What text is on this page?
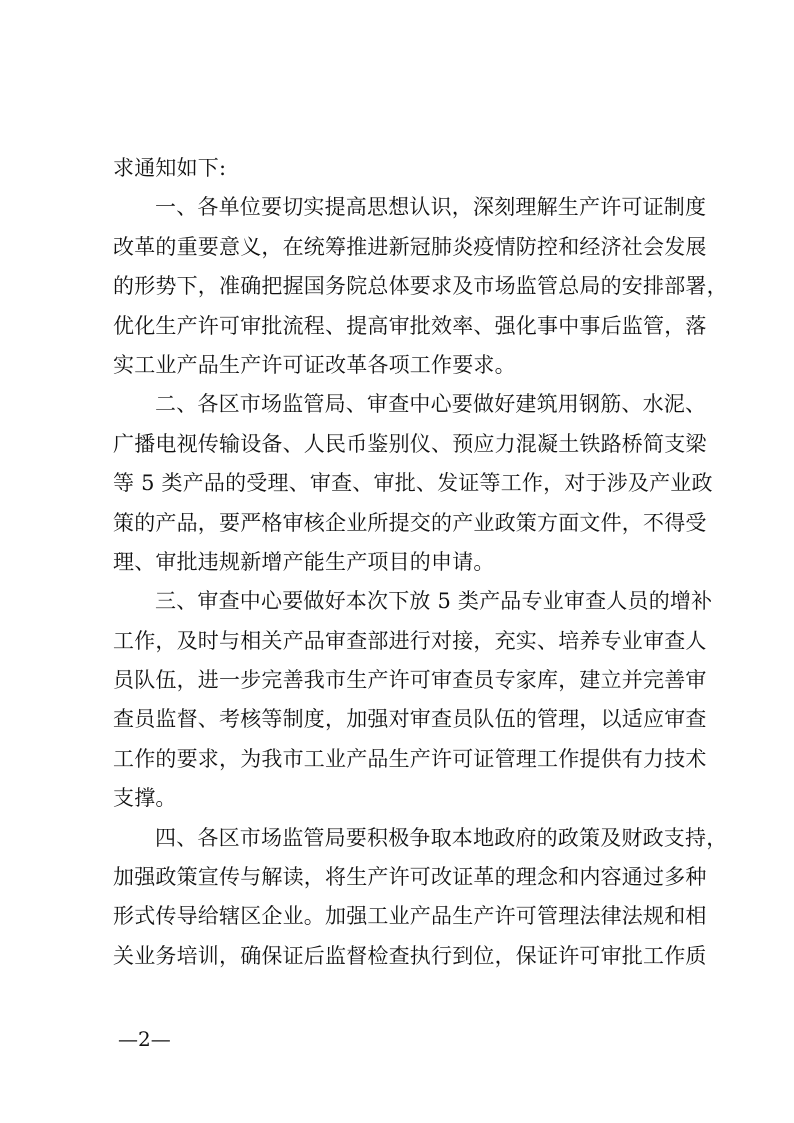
求通知如下:
一、各单位要切实提高思想认识，深刻理解生产许可证制度
改革的重要意义，在统筹推进新冠肺炎疫情防控和经济社会发展
的形势下，准确把握国务院总体要求及市场监管总局的安排部署，
优化生产许可审批流程、提高审批效率、强化事中事后监管，落
实工业产品生产许可证改革各项工作要求。
二、各区市场监管局、审查中心要做好建筑用钢筋、水泥、
广播电视传输设备、人民币鉴别仪、预应力混凝土铁路桥简支梁
等 5 类产品的受理、审查、审批、发证等工作，对于涉及产业政
策的产品，要严格审核企业所提交的产业政策方面文件，不得受
理、审批违规新增产能生产项目的申请。
三、审查中心要做好本次下放 5 类产品专业审查人员的增补
工作，及时与相关产品审查部进行对接，充实、培养专业审查人
员队伍，进一步完善我市生产许可审查员专家库，建立并完善审
查员监督、考核等制度，加强对审查员队伍的管理，以适应审查
工作的要求，为我市工业产品生产许可证管理工作提供有力技术
支撑。
四、各区市场监管局要积极争取本地政府的政策及财政支持，
加强政策宣传与解读，将生产许可改证革的理念和内容通过多种
形式传导给辖区企业。加强工业产品生产许可管理法律法规和相
关业务培训，确保证后监督检查执行到位，保证许可审批工作质
—2—
